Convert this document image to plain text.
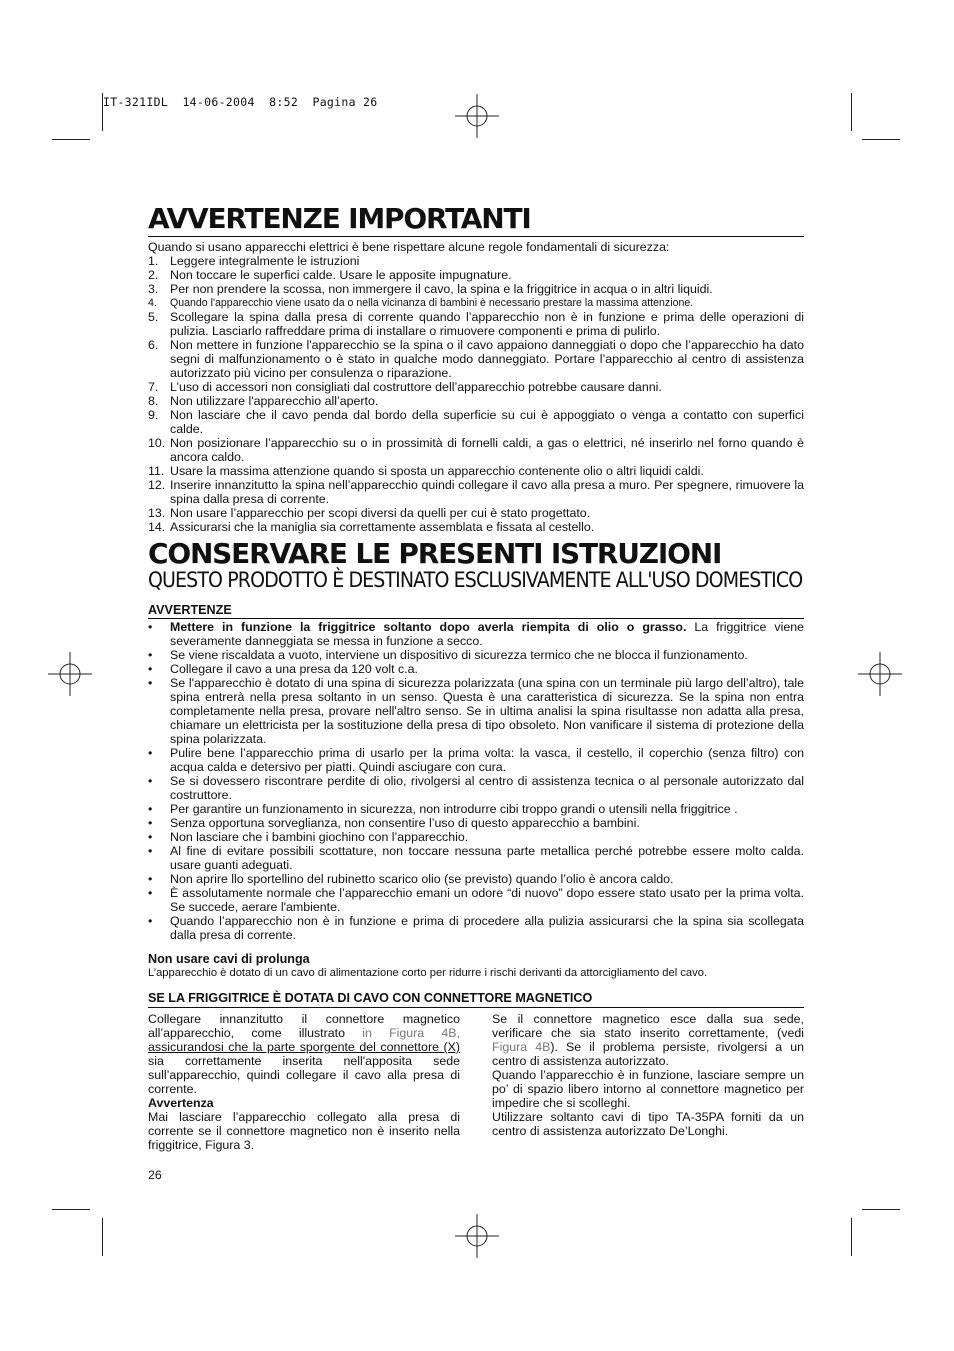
IT-321IDL  14-06-2004  8:52  Pagina 26
AVVERTENZE IMPORTANTI

Quando si usano apparecchi elettrici è bene rispettare alcune regole fondamentali di sicurezza:

1. Leggere integralmente le istruzioni
2. Non toccare le superfici calde. Usare le apposite impugnature.
3. Per non prendere la scossa, non immergere il cavo, la spina e la friggitrice in acqua o in altri liquidi.
4. Quando l'apparecchio viene usato da o nella vicinanza di bambini è necessario prestare la massima attenzione.
5. Scollegare la spina dalla presa di corrente quando l’apparecchio non è in funzione e prima delle operazioni di pulizia. Lasciarlo raffreddare prima di installare o rimuovere componenti e prima di pulirlo.
6. Non mettere in funzione l'apparecchio se la spina o il cavo appaiono danneggiati o dopo che l’apparecchio ha dato segni di malfunzionamento o è stato in qualche modo danneggiato. Portare l’apparecchio al centro di assistenza autorizzato più vicino per consulenza o riparazione.
7. L’uso di accessori non consigliati dal costruttore dell’apparecchio potrebbe causare danni.
8. Non utilizzare l'apparecchio all’aperto.
9. Non lasciare che il cavo penda dal bordo della superficie su cui è appoggiato o venga a contatto con superfici calde.
10. Non posizionare l’apparecchio su o in prossimità di fornelli caldi, a gas o elettrici, né inserirlo nel forno quando è ancora caldo.
11. Usare la massima attenzione quando si sposta un apparecchio contenente olio o altri liquidi caldi.
12. Inserire innanzitutto la spina nell’apparecchio quindi collegare il cavo alla presa a muro. Per spegnere, rimuovere la spina dalla presa di corrente.
13. Non usare l’apparecchio per scopi diversi da quelli per cui è stato progettato.
14. Assicurarsi che la maniglia sia correttamente assemblata e fissata al cestello.
CONSERVARE LE PRESENTI ISTRUZIONI
QUESTO PRODOTTO È DESTINATO ESCLUSIVAMENTE ALL'USO DOMESTICO
AVVERTENZE
• Mettere in funzione la friggitrice soltanto dopo averla riempita di olio o grasso. La friggitrice viene severamente danneggiata se messa in funzione a secco.
• Se viene riscaldata a vuoto, interviene un dispositivo di sicurezza termico che ne blocca il funzionamento.
• Collegare il cavo a una presa da 120 volt c.a.
• Se l'apparecchio è dotato di una spina di sicurezza polarizzata (una spina con un terminale più largo dell’altro), tale spina entrerà nella presa soltanto in un senso. Questa è una caratteristica di sicurezza. Se la spina non entra completamente nella presa, provare nell'altro senso. Se in ultima analisi la spina risultasse non adatta alla presa, chiamare un elettricista per la sostituzione della presa di tipo obsoleto. Non vanificare il sistema di protezione della spina polarizzata.
• Pulire bene l’apparecchio prima di usarlo per la prima volta: la vasca, il cestello, il coperchio (senza filtro) con acqua calda e detersivo per piatti. Quindi asciugare con cura.
• Se si dovessero riscontrare perdite di olio, rivolgersi al centro di assistenza tecnica o al personale autorizzato dal costruttore.
• Per garantire un funzionamento in sicurezza, non introdurre cibi troppo grandi o utensili nella friggitrice .
• Senza opportuna sorveglianza, non consentire l’uso di questo apparecchio a bambini.
• Non lasciare che i bambini giochino con l’apparecchio.
• Al fine di evitare possibili scottature, non toccare nessuna parte metallica perché potrebbe essere molto calda. usare guanti adeguati.
• Non aprire llo sportellino del rubinetto scarico olio (se previsto) quando l’olio è ancora caldo.
• È assolutamente normale che l’apparecchio emani un odore “di nuovo” dopo essere stato usato per la prima volta. Se succede, aerare l'ambiente.
• Quando l’apparecchio non è in funzione e prima di procedere alla pulizia assicurarsi che la spina sia scollegata dalla presa di corrente.
Non usare cavi di prolunga

L’apparecchio è dotato di un cavo di alimentazione corto per ridurre i rischi derivanti da attorcigliamento del cavo.

SE LA FRIGGITRICE È DOTATA DI CAVO CON CONNETTORE MAGNETICO

Collegare innanzitutto il connettore magnetico all’apparecchio, come illustrato in Figura 4B, assicurandosi che la parte sporgente del connettore (X) sia correttamente inserita nell'apposita sede sull’apparecchio, quindi collegare il cavo alla presa di corrente.

Avvertenza

Mai lasciare l’apparecchio collegato alla presa di corrente se il connettore magnetico non è inserito nella friggitrice, Figura 3.

Se il connettore magnetico esce dalla sua sede, verificare che sia stato inserito correttamente, (vedi Figura 4B). Se il problema persiste, rivolgersi a un centro di assistenza autorizzato.

Quando l’apparecchio è in funzione, lasciare sempre un po’ di spazio libero intorno al connettore magnetico per impedire che si scolleghi.

Utilizzare soltanto cavi di tipo TA-35PA forniti da un centro di assistenza autorizzato De’Longhi.

26
